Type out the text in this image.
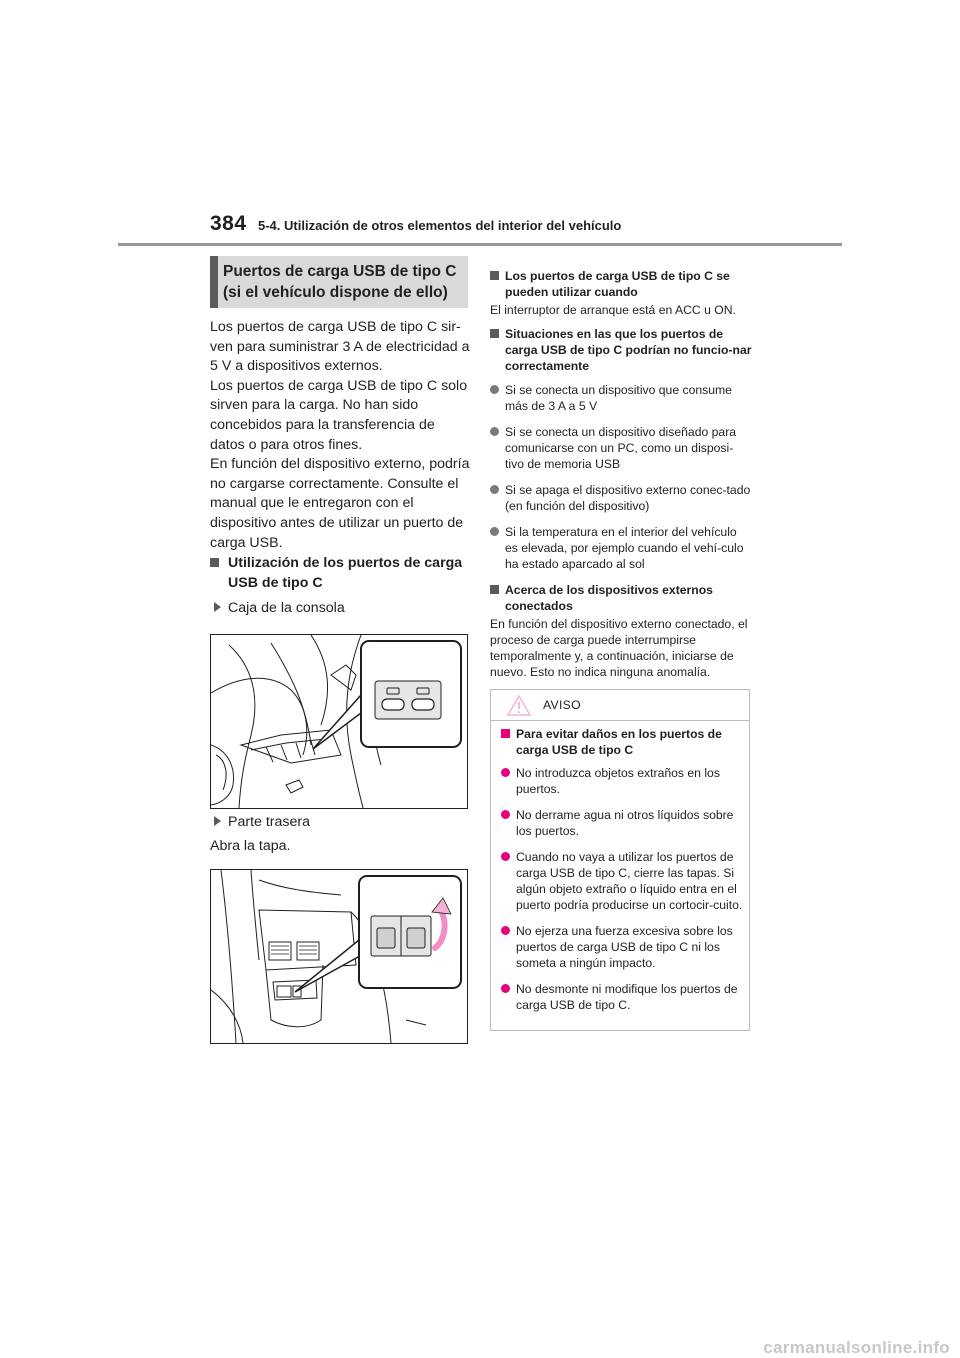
384 5-4. Utilización de otros elementos del interior del vehículo
Puertos de carga USB de tipo C
(si el vehículo dispone de ello)

Los puertos de carga USB de tipo C sir-ven para suministrar 3 A de electricidad a 5 V a dispositivos externos.

Los puertos de carga USB de tipo C solo sirven para la carga. No han sido concebidos para la transferencia de datos o para otros fines.

En función del dispositivo externo, podría no cargarse correctamente. Consulte el manual que le entregaron con el dispositivo antes de utilizar un puerto de carga USB.

Utilización de los puertos de carga USB de tipo C
Caja de la consola
Parte trasera
Abra la tapa.

Los puertos de carga USB de tipo C se pueden utilizar cuando

El interruptor de arranque está en ACC u ON.

Situaciones en las que los puertos de carga USB de tipo C podrían no funcio-nar correctamente

Si se conecta un dispositivo que consume más de 3 A a 5 V

Si se conecta un dispositivo diseñado para comunicarse con un PC, como un disposi-tivo de memoria USB

Si se apaga el dispositivo externo conec-tado (en función del dispositivo)

Si la temperatura en el interior del vehículo es elevada, por ejemplo cuando el vehí-culo ha estado aparcado al sol

Acerca de los dispositivos externos conectados

En función del dispositivo externo conectado, el proceso de carga puede interrumpirse temporalmente y, a continuación, iniciarse de nuevo. Esto no indica ninguna anomalía.

AVISO

Para evitar daños en los puertos de carga USB de tipo C

No introduzca objetos extraños en los puertos.

No derrame agua ni otros líquidos sobre los puertos.

Cuando no vaya a utilizar los puertos de carga USB de tipo C, cierre las tapas. Si algún objeto extraño o líquido entra en el puerto podría producirse un cortocir-cuito.

No ejerza una fuerza excesiva sobre los puertos de carga USB de tipo C ni los someta a ningún impacto.

No desmonte ni modifique los puertos de carga USB de tipo C.

carmanualsonline.info
